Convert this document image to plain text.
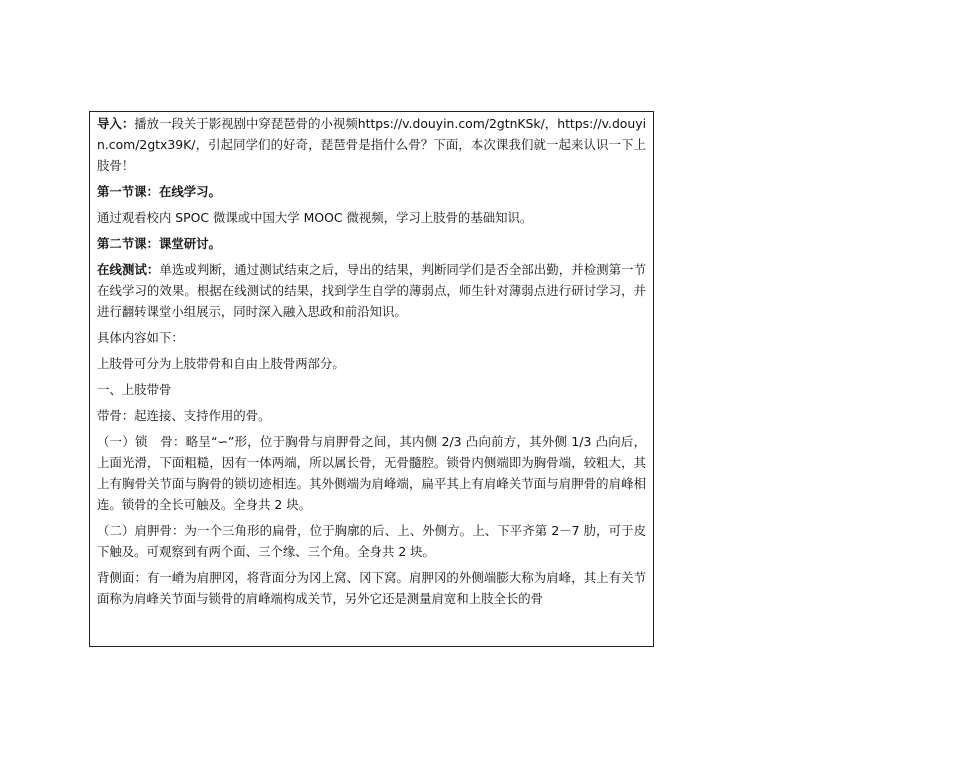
导入：播放一段关于影视剧中穿琵琶骨的小视频https://v.douyin.com/2gtnKSk/，https://v.douyin.com/2gtx39K/，引起同学们的好奇，琵琶骨是指什么骨？下面，本次课我们就一起来认识一下上肢骨！

第一节课：在线学习。

通过观看校内 SPOC 微课或中国大学 MOOC 微视频，学习上肢骨的基础知识。

第二节课：课堂研讨。

在线测试：单选或判断，通过测试结束之后，导出的结果，判断同学们是否全部出勤，并检测第一节在线学习的效果。根据在线测试的结果，找到学生自学的薄弱点，师生针对薄弱点进行研讨学习，并进行翻转课堂小组展示，同时深入融入思政和前沿知识。

具体内容如下：

上肢骨可分为上肢带骨和自由上肢骨两部分。

一、上肢带骨

带骨：起连接、支持作用的骨。

（一）锁　骨：略呈“∽”形，位于胸骨与肩胛骨之间，其内侧 2/3 凸向前方，其外侧 1/3 凸向后，上面光滑，下面粗糙，因有一体两端，所以属长骨，无骨髓腔。锁骨内侧端即为胸骨端，较粗大，其上有胸骨关节面与胸骨的锁切迹相连。其外侧端为肩峰端，扁平其上有肩峰关节面与肩胛骨的肩峰相连。锁骨的全长可触及。全身共 2 块。

（二）肩胛骨：为一个三角形的扁骨，位于胸廓的后、上、外侧方。上、下平齐第 2－7 肋，可于皮下触及。可观察到有两个面、三个缘、三个角。全身共 2 块。

背侧面：有一嵴为肩胛冈，将背面分为冈上窝、冈下窝。肩胛冈的外侧端膨大称为肩峰，其上有关节面称为肩峰关节面与锁骨的肩峰端构成关节，另外它还是测量肩宽和上肢全长的骨
